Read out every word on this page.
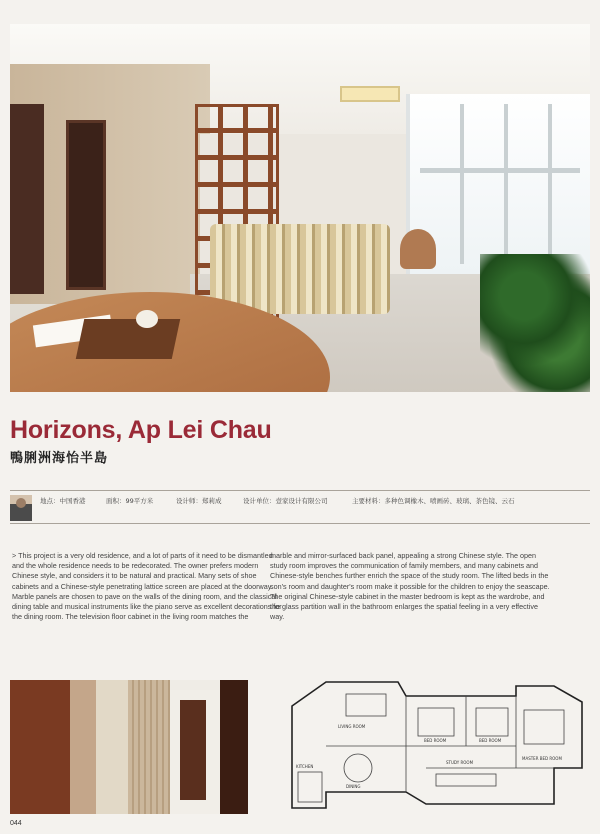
Horizons, Ap Lei Chau
鴨脷洲海怡半島
地点：中国香港	面积：99平方米	设计师：郑莉成	设计单位：壹家设计有限公司	主要材料：多种色调橡木、喷画砖、玻璃、茶色镜、云石
> This project is a very old residence, and a lot of parts of it need to be dismantled and the whole residence needs to be redecorated. The owner prefers modern Chinese style, and considers it to be natural and practical. Many sets of shoe cabinets and a Chinese-style penetrating lattice screen are placed at the doorway. Marble panels are chosen to pave on the walls of the dining room, and the classical dining table and musical instruments like the piano serve as excellent decorations for the dining room. The television floor cabinet in the living room matches the
marble and mirror-surfaced back panel, appealing a strong Chinese style. The open study room improves the communication of family members, and many cabinets and Chinese-style benches further enrich the space of the study room. The lifted beds in the son's room and daughter's room make it possible for the children to enjoy the seascape. The original Chinese-style cabinet in the master bedroom is kept as the wardrobe, and the glass partition wall in the bathroom enlarges the spatial feeling in a very effective way.
BED ROOM	BED ROOM
MASTER BED ROOM
STUDY ROOM
LIVING ROOM
DINING
KITCHEN
044
